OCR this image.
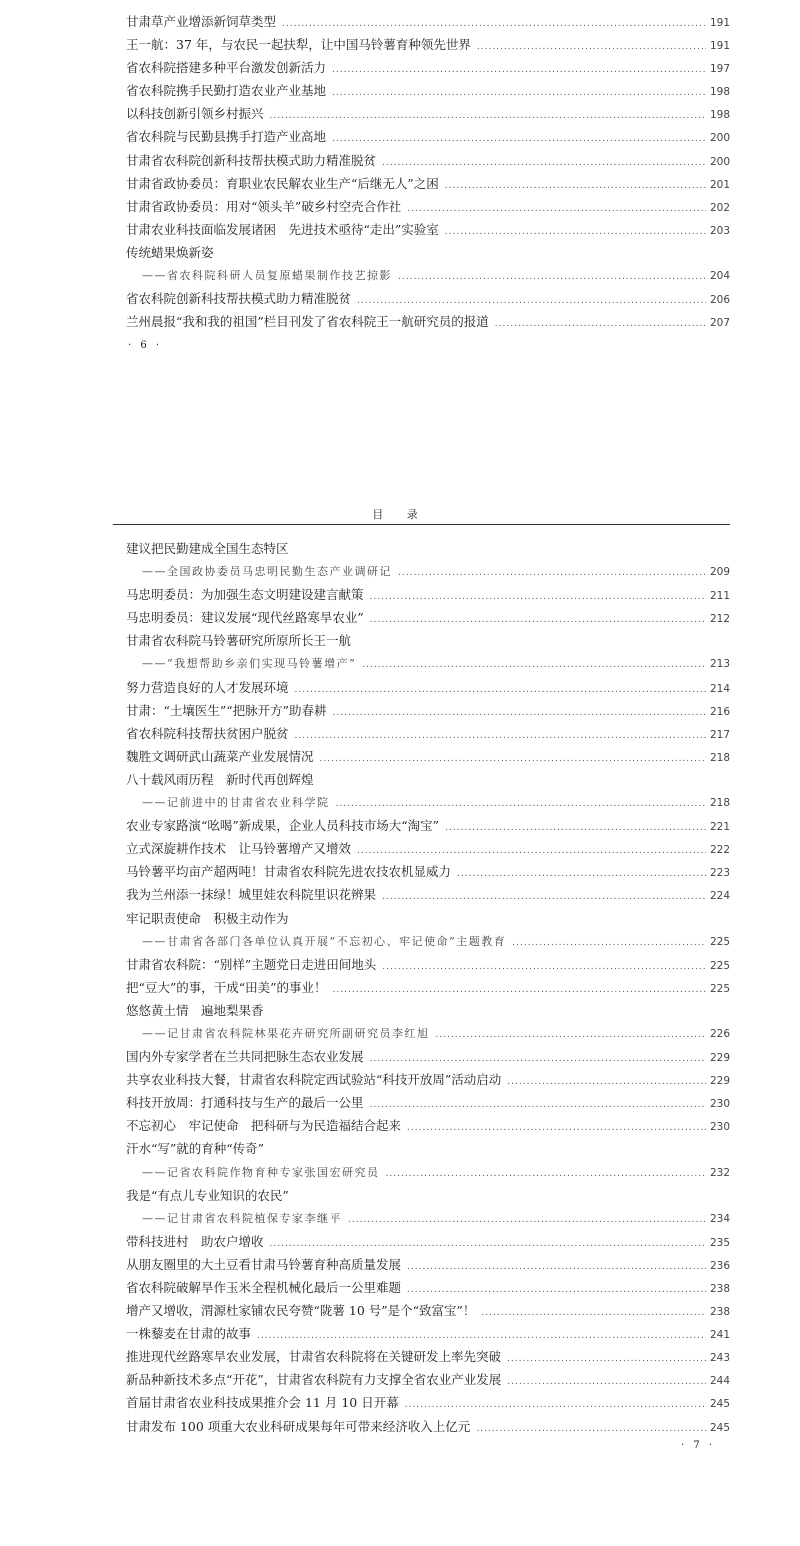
甘肃草产业增添新饲草类型 .....	191
王一航：37 年，与农民一起扶犁，让中国马铃薯育种领先世界 .....	191
省农科院搭建多种平台激发创新活力 .....	197
省农科院携手民勤打造农业产业基地 .....	198
以科技创新引领乡村振兴 .....	198
省农科院与民勤县携手打造产业高地 .....	200
甘肃省农科院创新科技帮扶模式助力精准脱贫 .....	200
甘肃省政协委员：育职业农民解农业生产“后继无人”之困 .....	201
甘肃省政协委员：用对“领头羊”破乡村空壳合作社 .....	202
甘肃农业科技面临发展诸困　先进技术亟待“走出”实验室 .....	203
传统蜡果焕新姿
——省农科院科研人员复原蜡果制作技艺掠影 .....	204
省农科院创新科技帮扶模式助力精准脱贫 .....	206
兰州晨报“我和我的祖国”栏目刊发了省农科院王一航研究员的报道 .....	207
· 6 ·
目 录
建议把民勤建成全国生态特区
——全国政协委员马忠明民勤生态产业调研记 .....	209
马忠明委员：为加强生态文明建设建言献策 .....	211
马忠明委员：建议发展“现代丝路寒旱农业” .....	212
甘肃省农科院马铃薯研究所原所长王一航
——“我想帮助乡亲们实现马铃薯增产” .....	213
努力营造良好的人才发展环境 .....	214
甘肃：“土壤医生”“把脉开方”助春耕 .....	216
省农科院科技帮扶贫困户脱贫 .....	217
魏胜文调研武山蔬菜产业发展情况 .....	218
八十载风雨历程　新时代再创辉煌
——记前进中的甘肃省农业科学院 .....	218
农业专家路演“吆喝”新成果，企业人员科技市场大“淘宝” .....	221
立式深旋耕作技术　让马铃薯增产又增效 .....	222
马铃薯平均亩产超两吨！甘肃省农科院先进农技农机显威力 .....	223
我为兰州添一抹绿！城里娃农科院里识花辨果 .....	224
牢记职责使命　积极主动作为
——甘肃省各部门各单位认真开展“不忘初心、牢记使命”主题教育 .....	225
甘肃省农科院：“别样”主题党日走进田间地头 .....	225
把“豆大”的事，干成“田美”的事业！ .....	225
悠悠黄土情　遍地梨果香
——记甘肃省农科院林果花卉研究所副研究员李红旭 .....	226
国内外专家学者在兰共同把脉生态农业发展 .....	229
共享农业科技大餐，甘肃省农科院定西试验站“科技开放周”活动启动 .....	229
科技开放周：打通科技与生产的最后一公里 .....	230
不忘初心　牢记使命　把科研与为民造福结合起来 .....	230
汗水“写”就的育种“传奇”
——记省农科院作物育种专家张国宏研究员 .....	232
我是“有点儿专业知识的农民”
——记甘肃省农科院植保专家李继平 .....	234
带科技进村　助农户增收 .....	235
从朋友圈里的大土豆看甘肃马铃薯育种高质量发展 .....	236
省农科院破解旱作玉米全程机械化最后一公里难题 .....	238
增产又增收，渭源杜家铺农民夸赞“陇薯 10 号”是个“致富宝”！ .....	238
一株藜麦在甘肃的故事 .....	241
推进现代丝路寒旱农业发展，甘肃省农科院将在关键研发上率先突破 .....	243
新品种新技术多点“开花”，甘肃省农科院有力支撑全省农业产业发展 .....	244
首届甘肃省农业科技成果推介会 11 月 10 日开幕 .....	245
甘肃发布 100 项重大农业科研成果每年可带来经济收入上亿元 .....	245
· 7 ·
